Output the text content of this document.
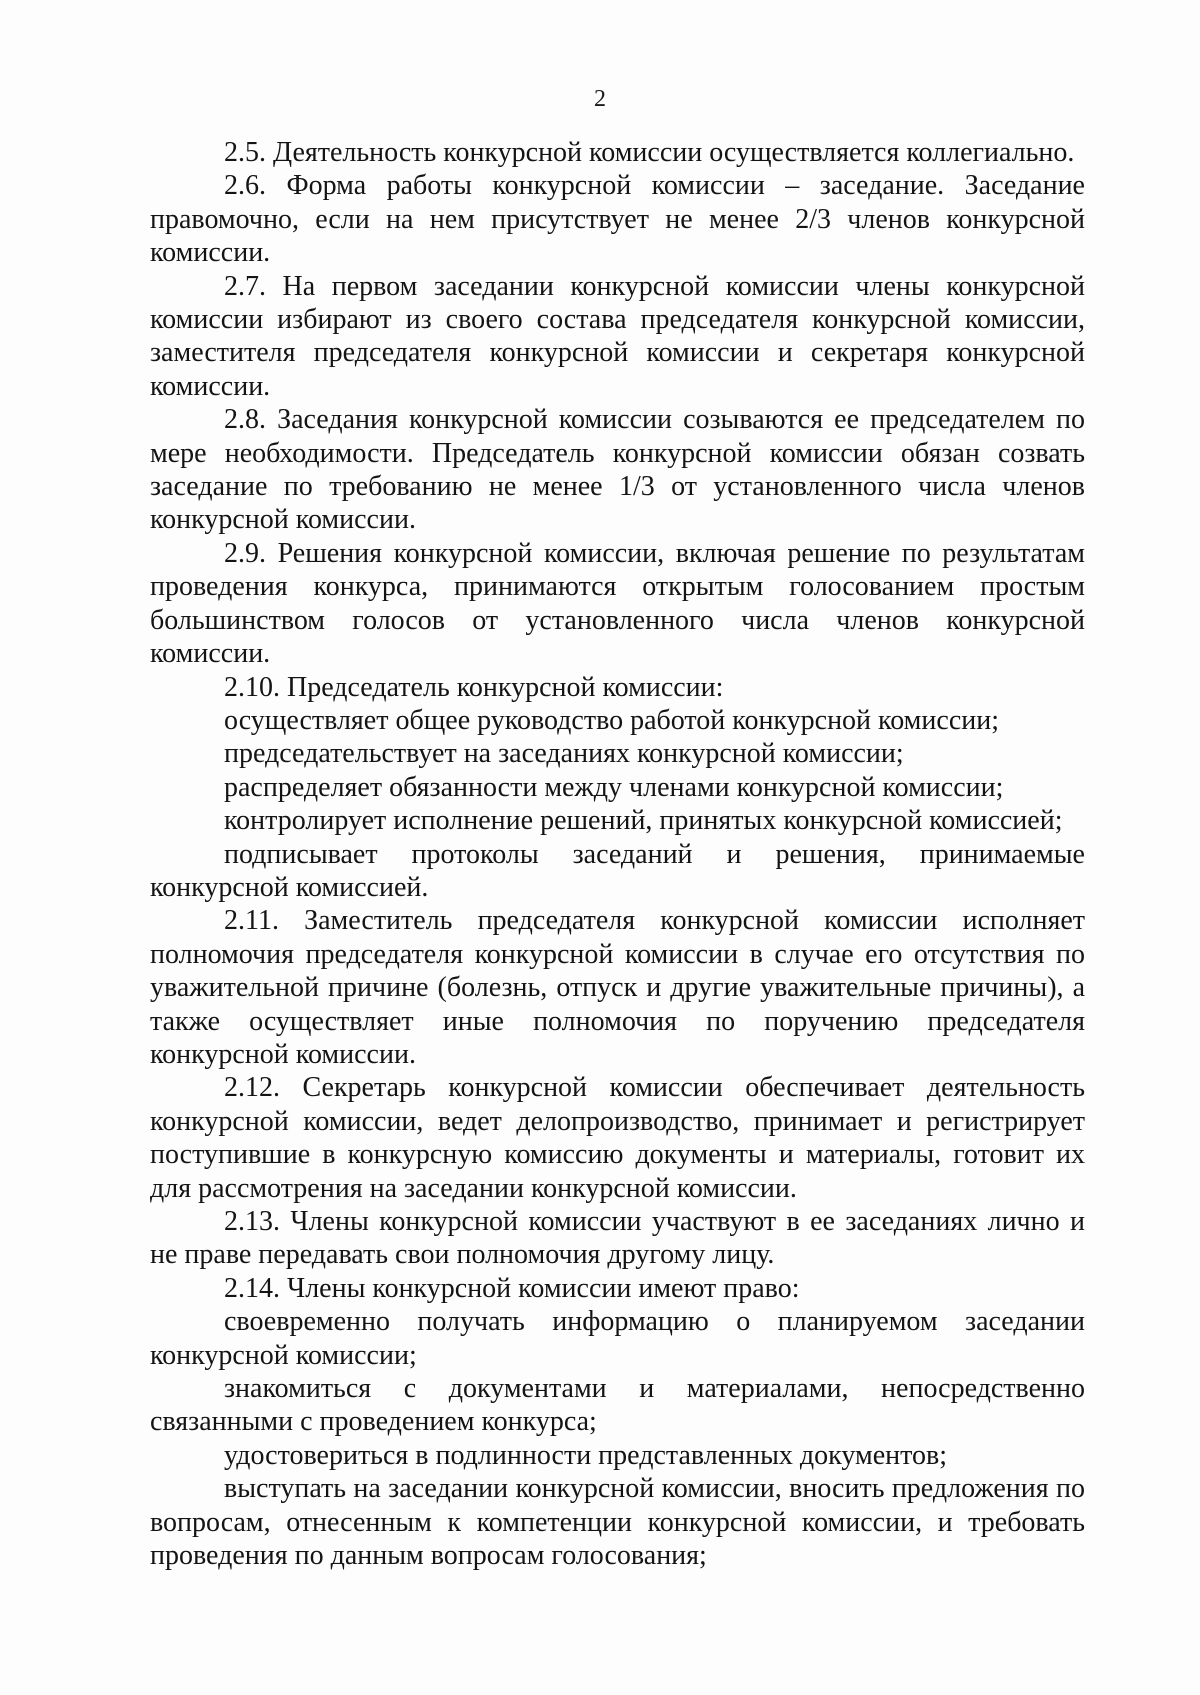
2

2.5. Деятельность конкурсной комиссии осуществляется коллегиально.

2.6. Форма работы конкурсной комиссии – заседание. Заседание правомочно, если на нем присутствует не менее 2/3 членов конкурсной комиссии.

2.7. На первом заседании конкурсной комиссии члены конкурсной комиссии избирают из своего состава председателя конкурсной комиссии, заместителя председателя конкурсной комиссии и секретаря конкурсной комиссии.

2.8. Заседания конкурсной комиссии созываются ее председателем по мере необходимости. Председатель конкурсной комиссии обязан созвать заседание по требованию не менее 1/3 от установленного числа членов конкурсной комиссии.

2.9. Решения конкурсной комиссии, включая решение по результатам проведения конкурса, принимаются открытым голосованием простым большинством голосов от установленного числа членов конкурсной комиссии.

2.10. Председатель конкурсной комиссии:

осуществляет общее руководство работой конкурсной комиссии;

председательствует на заседаниях конкурсной комиссии;

распределяет обязанности между членами конкурсной комиссии;

контролирует исполнение решений, принятых конкурсной комиссией;

подписывает протоколы заседаний и решения, принимаемые конкурсной комиссией.

2.11. Заместитель председателя конкурсной комиссии исполняет полномочия председателя конкурсной комиссии в случае его отсутствия по уважительной причине (болезнь, отпуск и другие уважительные причины), а также осуществляет иные полномочия по поручению председателя конкурсной комиссии.

2.12. Секретарь конкурсной комиссии обеспечивает деятельность конкурсной комиссии, ведет делопроизводство, принимает и регистрирует поступившие в конкурсную комиссию документы и материалы, готовит их для рассмотрения на заседании конкурсной комиссии.

2.13. Члены конкурсной комиссии участвуют в ее заседаниях лично и не праве передавать свои полномочия другому лицу.

2.14. Члены конкурсной комиссии имеют право:

своевременно получать информацию о планируемом заседании конкурсной комиссии;

знакомиться с документами и материалами, непосредственно связанными с проведением конкурса;

удостовериться в подлинности представленных документов;

выступать на заседании конкурсной комиссии, вносить предложения по вопросам, отнесенным к компетенции конкурсной комиссии, и требовать проведения по данным вопросам голосования;
